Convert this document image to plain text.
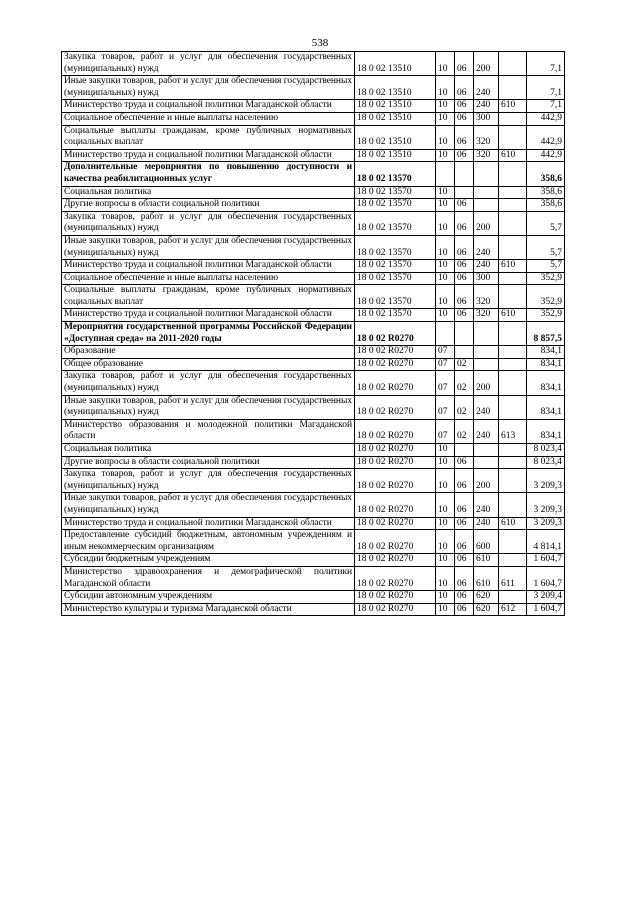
538
Закупка товаров, работ и услуг для обеспечения государственных (муниципальных) нужд	18 0 02 13510	10	06	200		7,1
Иные закупки товаров, работ и услуг для обеспечения государственных (муниципальных) нужд	18 0 02 13510	10	06	240		7,1
Министерство труда и социальной политики Магаданской области	18 0 02 13510	10	06	240	610	7,1
Социальное обеспечение и иные выплаты населению	18 0 02 13510	10	06	300		442,9
Социальные выплаты гражданам, кроме публичных нормативных социальных выплат	18 0 02 13510	10	06	320		442,9
Министерство труда и социальной политики Магаданской области	18 0 02 13510	10	06	320	610	442,9
Дополнительные мероприятия по повышению доступности и качества реабилитационных услуг	18 0 02 13570					358,6
Социальная политика	18 0 02 13570	10				358,6
Другие вопросы в области социальной политики	18 0 02 13570	10	06			358,6
Закупка товаров, работ и услуг для обеспечения государственных (муниципальных) нужд	18 0 02 13570	10	06	200		5,7
Иные закупки товаров, работ и услуг для обеспечения государственных (муниципальных) нужд	18 0 02 13570	10	06	240		5,7
Министерство труда и социальной политики Магаданской области	18 0 02 13570	10	06	240	610	5,7
Социальное обеспечение и иные выплаты населению	18 0 02 13570	10	06	300		352,9
Социальные выплаты гражданам, кроме публичных нормативных социальных выплат	18 0 02 13570	10	06	320		352,9
Министерство труда и социальной политики Магаданской области	18 0 02 13570	10	06	320	610	352,9
Мероприятия государственной программы Российской Федерации «Доступная среда» на 2011-2020 годы	18 0 02 R0270					8 857,5
Образование	18 0 02 R0270	07				834,1
Общее образование	18 0 02 R0270	07	02			834,1
Закупка товаров, работ и услуг для обеспечения государственных (муниципальных) нужд	18 0 02 R0270	07	02	200		834,1
Иные закупки товаров, работ и услуг для обеспечения государственных (муниципальных) нужд	18 0 02 R0270	07	02	240		834,1
Министерство образования и молодежной политики Магаданской области	18 0 02 R0270	07	02	240	613	834,1
Социальная политика	18 0 02 R0270	10				8 023,4
Другие вопросы в области социальной политики	18 0 02 R0270	10	06			8 023,4
Закупка товаров, работ и услуг для обеспечения государственных (муниципальных) нужд	18 0 02 R0270	10	06	200		3 209,3
Иные закупки товаров, работ и услуг для обеспечения государственных (муниципальных) нужд	18 0 02 R0270	10	06	240		3 209,3
Министерство труда и социальной политики Магаданской области	18 0 02 R0270	10	06	240	610	3 209,3
Предоставление субсидий бюджетным, автономным учреждениям и иным некоммерческим организациям	18 0 02 R0270	10	06	600		4 814,1
Субсидии бюджетным учреждениям	18 0 02 R0270	10	06	610		1 604,7
Министерство здравоохранения и демографической политики Магаданской области	18 0 02 R0270	10	06	610	611	1 604,7
Субсидии автономным учреждениям	18 0 02 R0270	10	06	620		3 209,4
Министерство культуры и туризма Магаданской области	18 0 02 R0270	10	06	620	612	1 604,7
